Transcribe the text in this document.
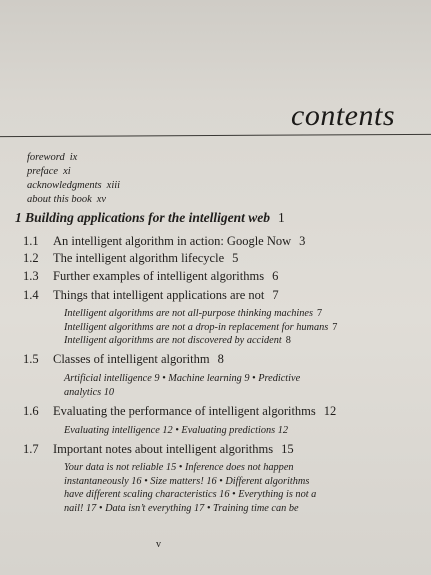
contents
foreword ix
preface xi
acknowledgments xiii
about this book xv
1 Building applications for the intelligent web 1
1.1 An intelligent algorithm in action: Google Now 3
1.2 The intelligent algorithm lifecycle 5
1.3 Further examples of intelligent algorithms 6
1.4 Things that intelligent applications are not 7
Intelligent algorithms are not all-purpose thinking machines 7
Intelligent algorithms are not a drop-in replacement for humans 7
Intelligent algorithms are not discovered by accident 8
1.5 Classes of intelligent algorithm 8
Artificial intelligence 9 • Machine learning 9 • Predictive
analytics 10
1.6 Evaluating the performance of intelligent algorithms 12
Evaluating intelligence 12 • Evaluating predictions 12
1.7 Important notes about intelligent algorithms 15
Your data is not reliable 15 • Inference does not happen
instantaneously 16 • Size matters! 16 • Different algorithms
have different scaling characteristics 16 • Everything is not a
nail! 17 • Data isn’t everything 17 • Training time can be
v
